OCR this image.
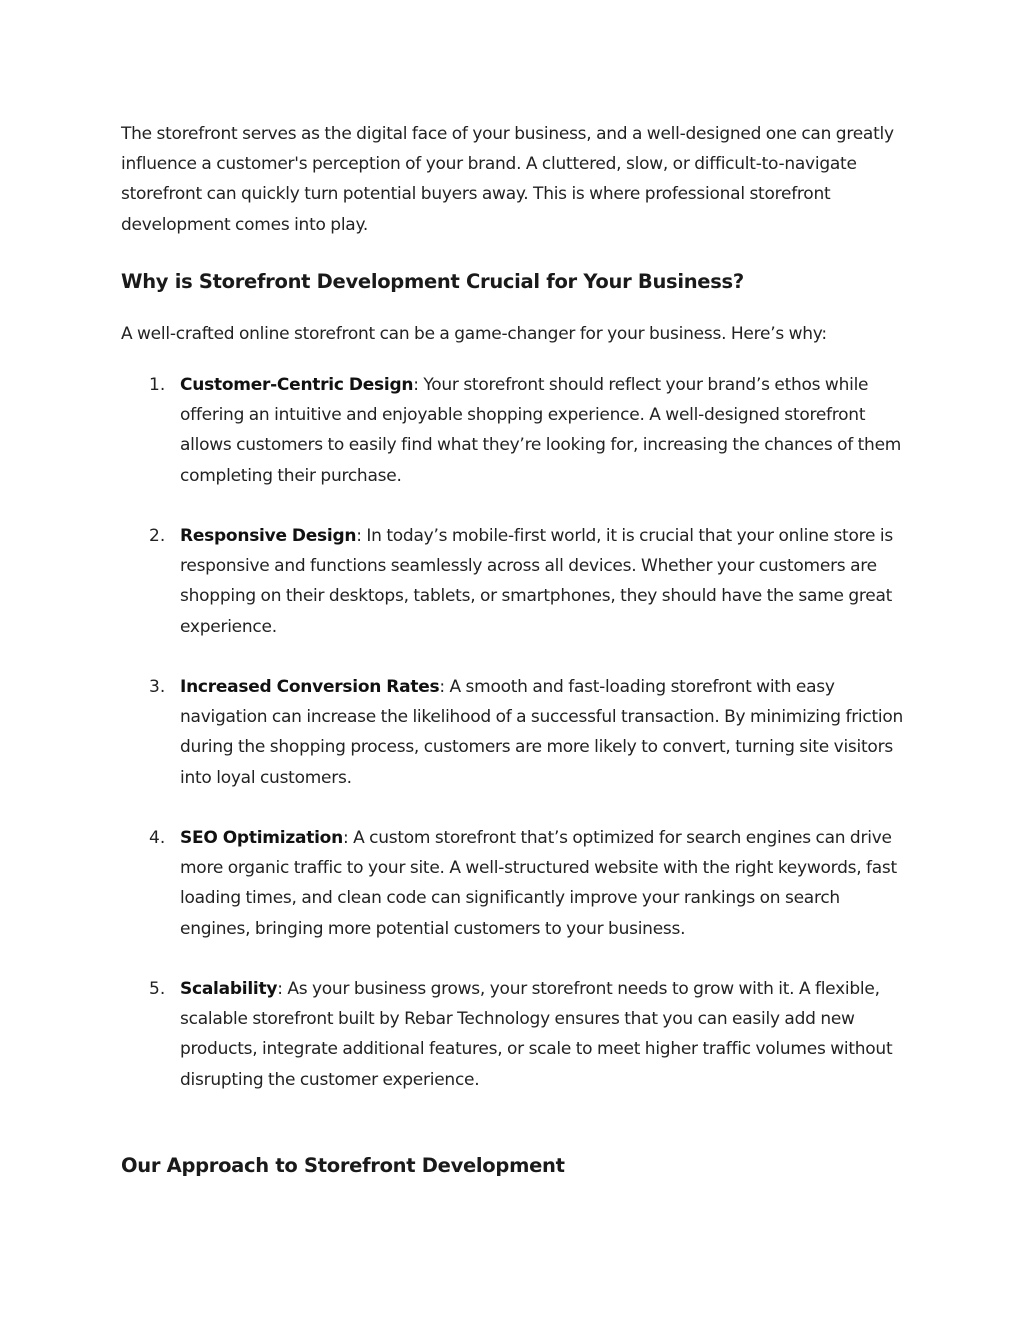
The storefront serves as the digital face of your business, and a well-designed one can greatly influence a customer's perception of your brand. A cluttered, slow, or difficult-to-navigate storefront can quickly turn potential buyers away. This is where professional storefront development comes into play.

Why is Storefront Development Crucial for Your Business?

A well-crafted online storefront can be a game-changer for your business. Here’s why:

1. Customer-Centric Design: Your storefront should reflect your brand’s ethos while offering an intuitive and enjoyable shopping experience. A well-designed storefront allows customers to easily find what they’re looking for, increasing the chances of them completing their purchase.
2. Responsive Design: In today’s mobile-first world, it is crucial that your online store is responsive and functions seamlessly across all devices. Whether your customers are shopping on their desktops, tablets, or smartphones, they should have the same great experience.
3. Increased Conversion Rates: A smooth and fast-loading storefront with easy navigation can increase the likelihood of a successful transaction. By minimizing friction during the shopping process, customers are more likely to convert, turning site visitors into loyal customers.
4. SEO Optimization: A custom storefront that’s optimized for search engines can drive more organic traffic to your site. A well-structured website with the right keywords, fast loading times, and clean code can significantly improve your rankings on search engines, bringing more potential customers to your business.
5. Scalability: As your business grows, your storefront needs to grow with it. A flexible, scalable storefront built by Rebar Technology ensures that you can easily add new products, integrate additional features, or scale to meet higher traffic volumes without disrupting the customer experience.
Our Approach to Storefront Development
